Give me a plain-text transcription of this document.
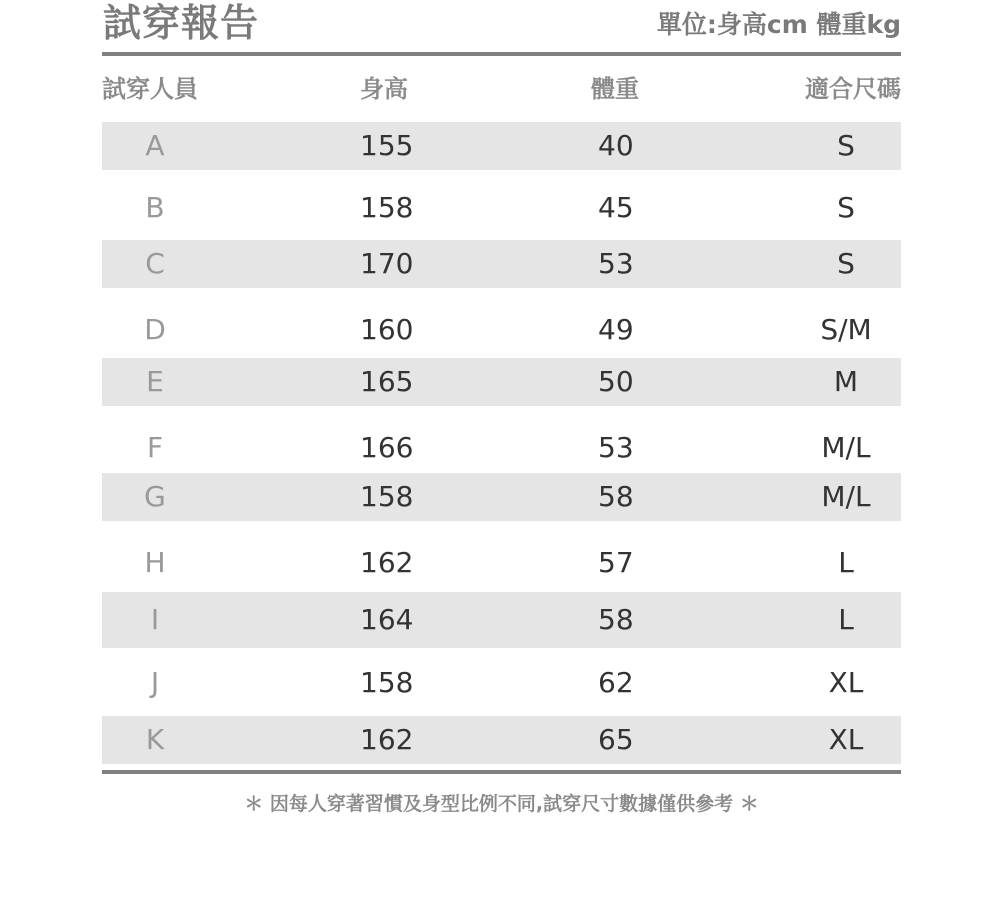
試穿報告	單位:身高cm 體重kg
試穿人員	身高	體重	適合尺碼
A	155	40	S
B	158	45	S
C	170	53	S
D	160	49	S/M
E	165	50	M
F	166	53	M/L
G	158	58	M/L
H	162	57	L
I	164	58	L
J	158	62	XL
K	162	65	XL
＊ 因每人穿著習慣及身型比例不同,試穿尺寸數據僅供參考 ＊
